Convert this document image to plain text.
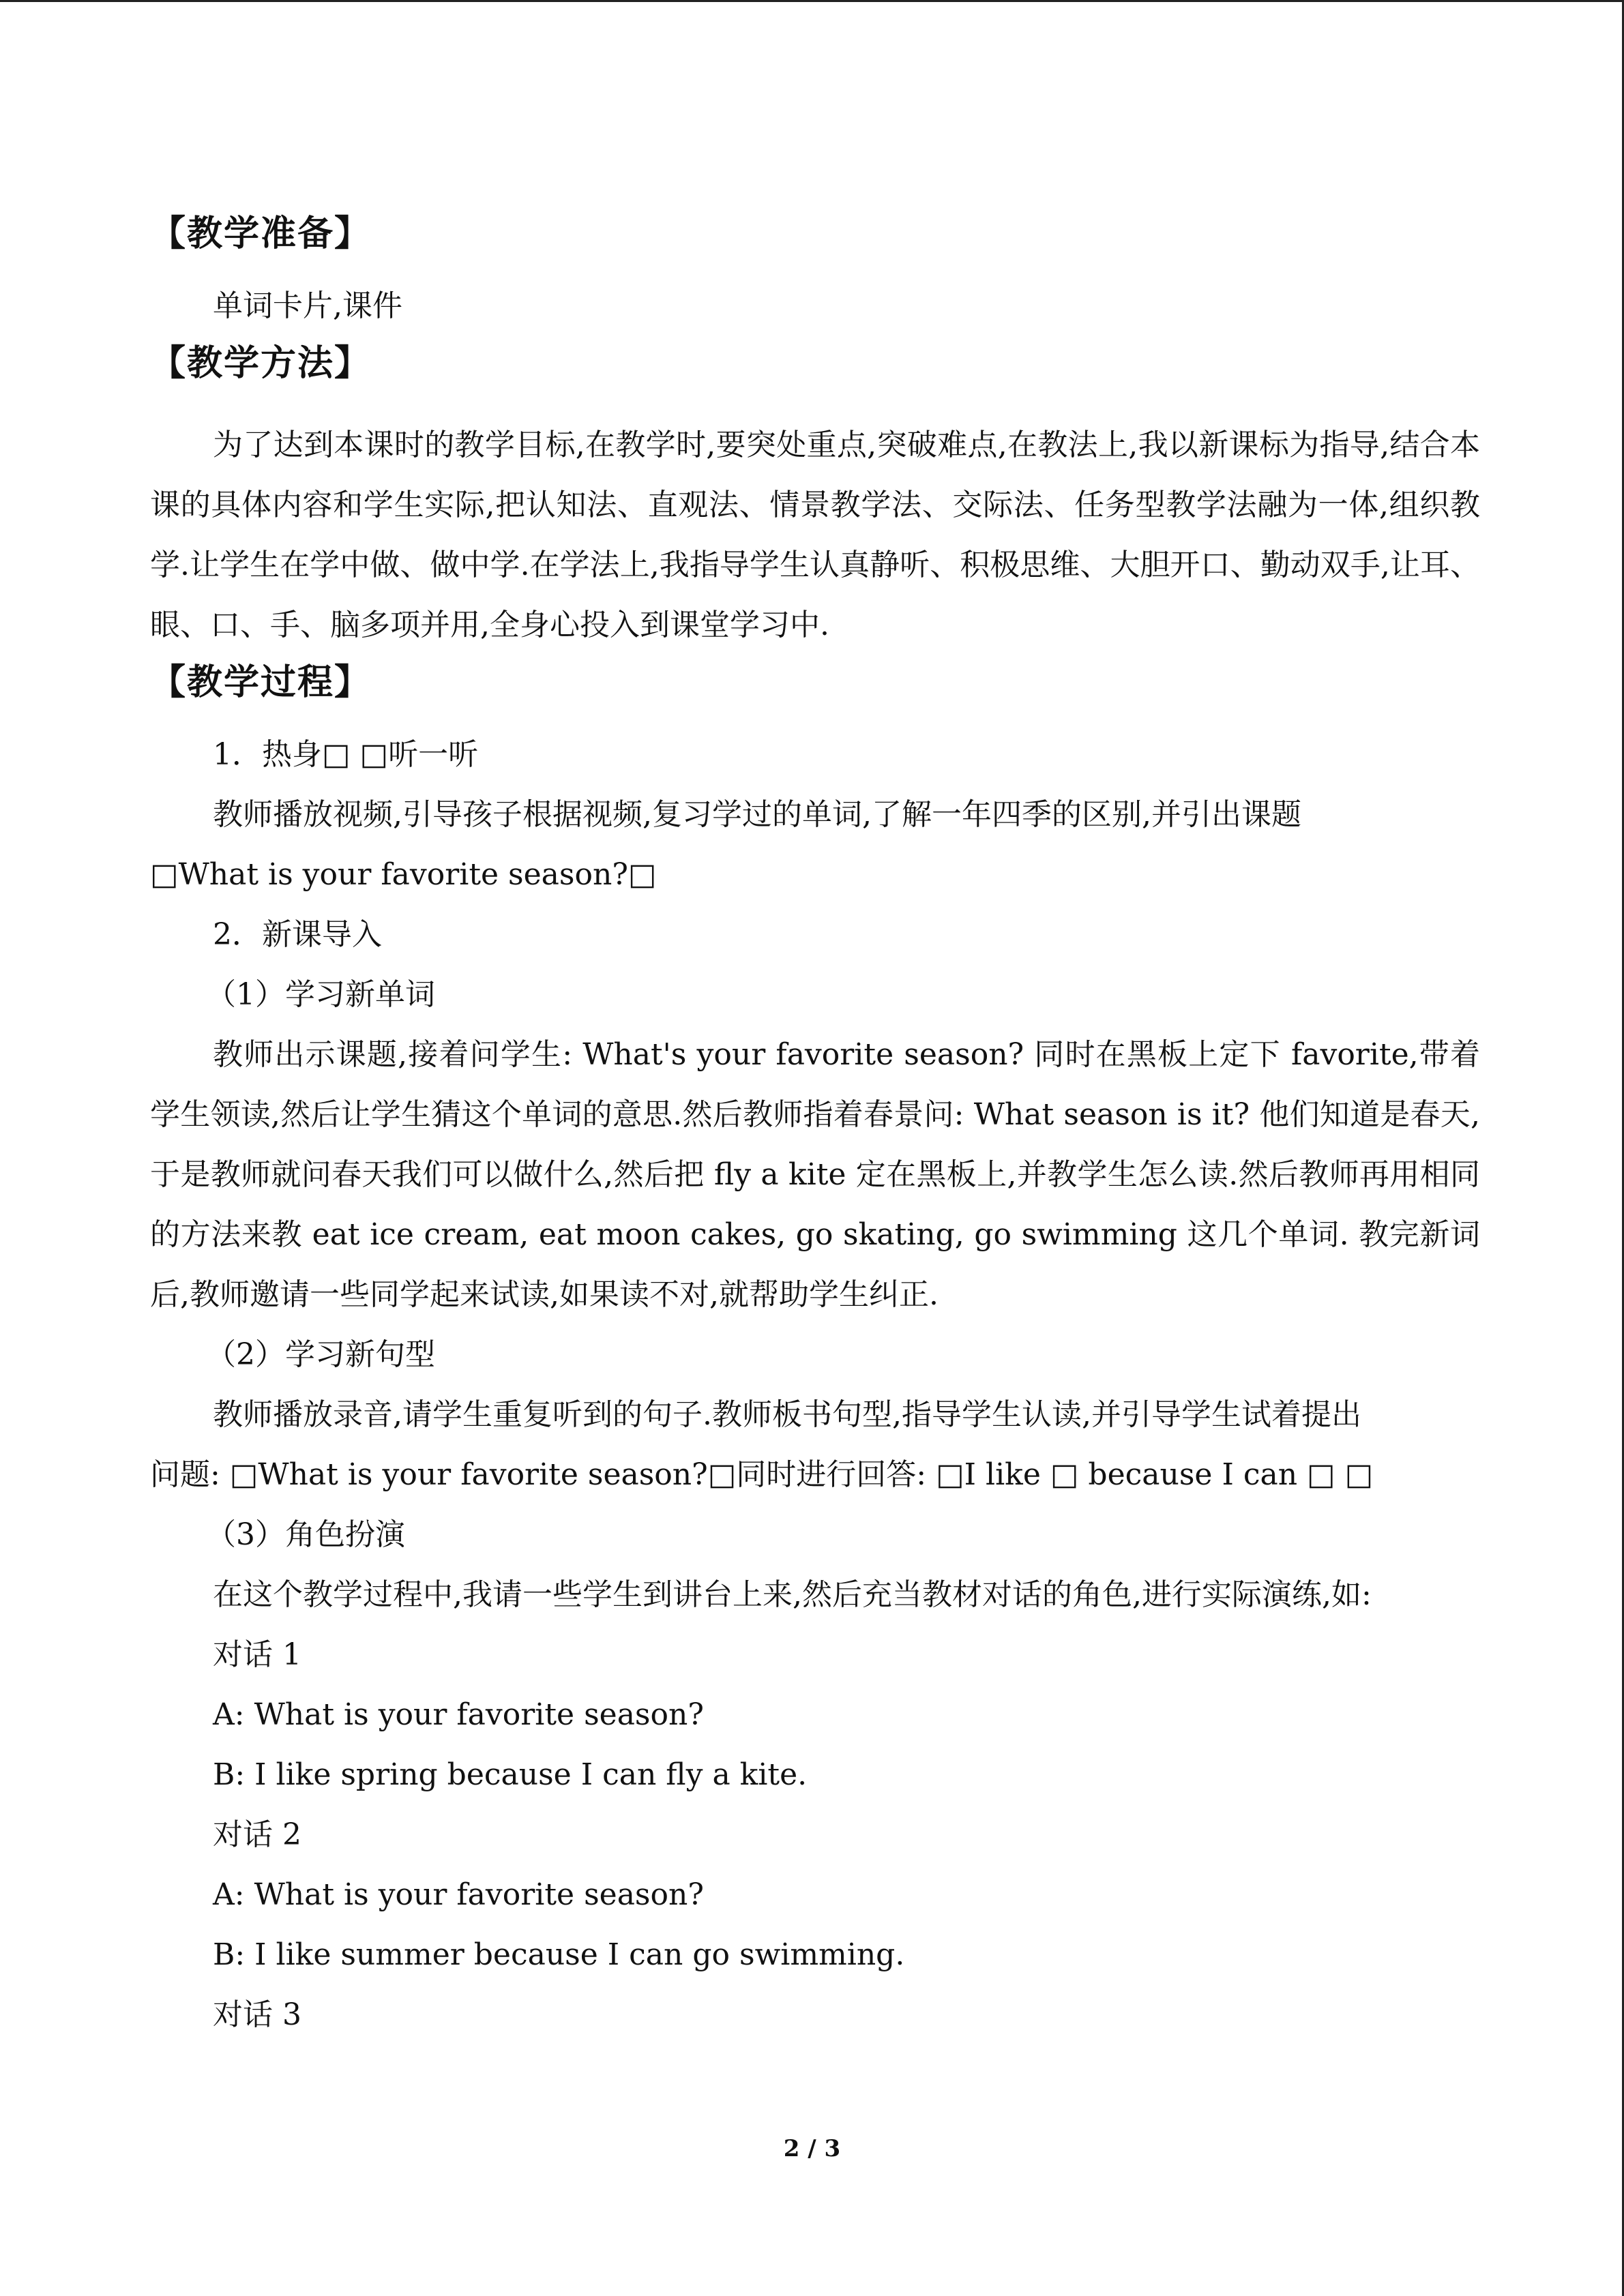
【教学准备】

单词卡片,课件

【教学方法】

为了达到本课时的教学目标,在教学时,要突处重点,突破难点,在教法上,我以新课标为指导,结合本课的具体内容和学生实际,把认知法、直观法、情景教学法、交际法、任务型教学法融为一体,组织教学.让学生在学中做、做中学.在学法上,我指导学生认真静听、积极思维、大胆开口、勤动双手,让耳、眼、口、手、脑多项并用,全身心投入到课堂学习中.

【教学过程】

1．热身□ □听一听

教师播放视频,引导孩子根据视频,复习学过的单词,了解一年四季的区别,并引出课题

□What is your favorite season?□

2．新课导入

（1）学习新单词

教师出示课题,接着问学生: What's your favorite season? 同时在黑板上定下 favorite,带着学生领读,然后让学生猜这个单词的意思.然后教师指着春景问: What season is it? 他们知道是春天,于是教师就问春天我们可以做什么,然后把 fly a kite 定在黑板上,并教学生怎么读.然后教师再用相同的方法来教 eat ice cream, eat moon cakes, go skating, go swimming 这几个单词. 教完新词后,教师邀请一些同学起来试读,如果读不对,就帮助学生纠正.

（2）学习新句型

教师播放录音,请学生重复听到的句子.教师板书句型,指导学生认读,并引导学生试着提出

问题: □What is your favorite season?□同时进行回答: □I like □ because I can □ □

（3）角色扮演

在这个教学过程中,我请一些学生到讲台上来,然后充当教材对话的角色,进行实际演练,如:

对话 1

A: What is your favorite season?

B: I like spring because I can fly a kite.

对话 2

A: What is your favorite season?

B: I like summer because I can go swimming.

对话 3

2 / 3
